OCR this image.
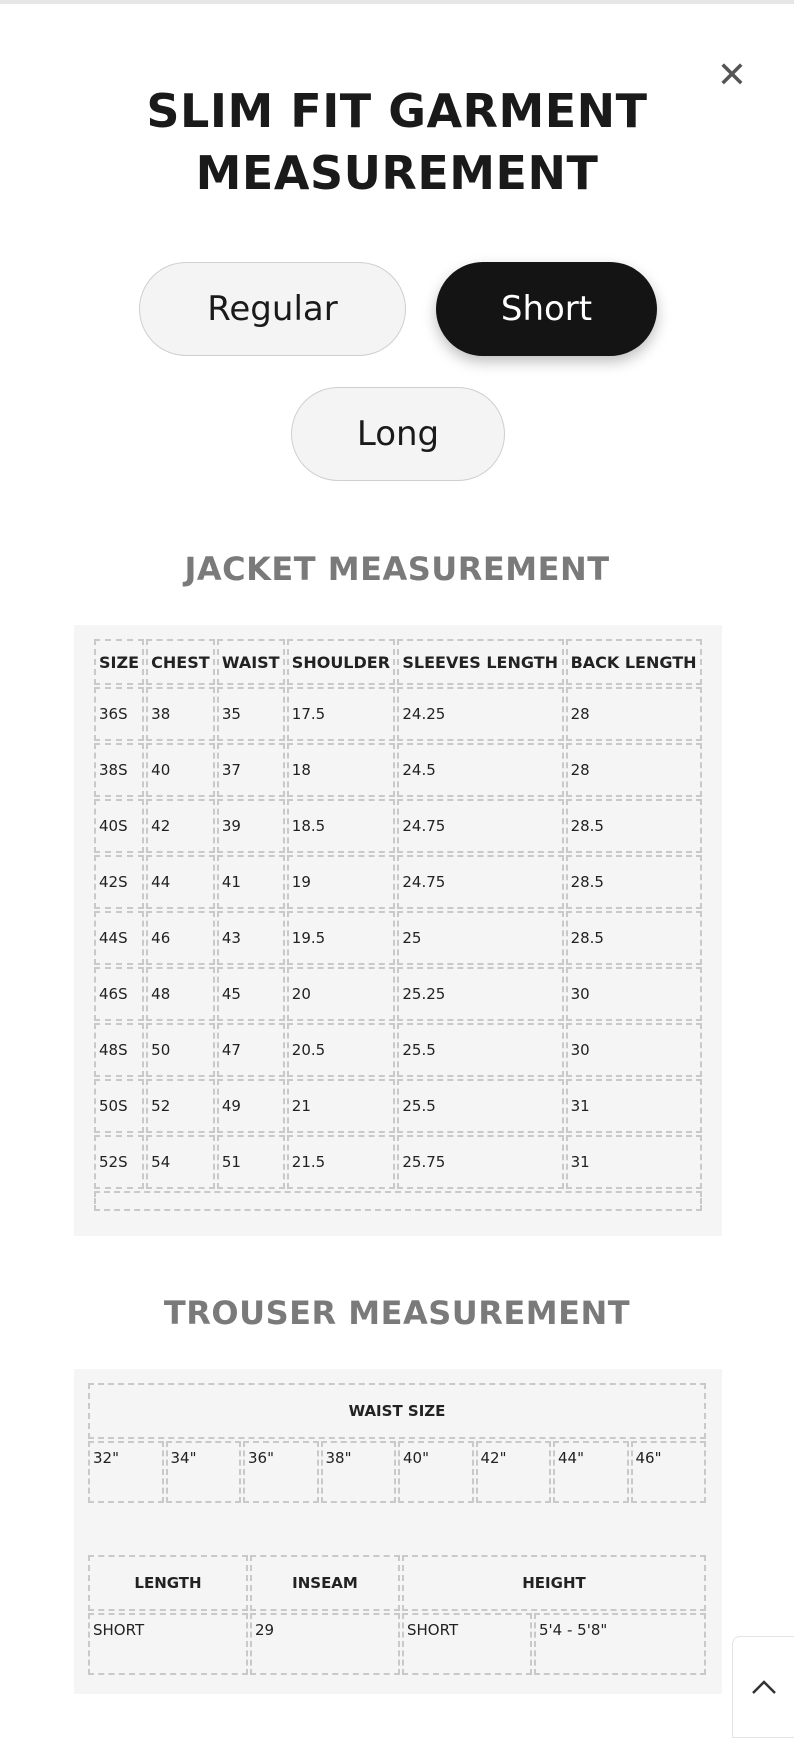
✕
SLIM FIT GARMENT
MEASUREMENT
Regular	Short
Long
JACKET MEASUREMENT
SIZE	CHEST	WAIST	SHOULDER	SLEEVES LENGTH	BACK LENGTH
36S	38	35	17.5	24.25	28
38S	40	37	18	24.5	28
40S	42	39	18.5	24.75	28.5
42S	44	41	19	24.75	28.5
44S	46	43	19.5	25	28.5
46S	48	45	20	25.25	30
48S	50	47	20.5	25.5	30
50S	52	49	21	25.5	31
52S	54	51	21.5	25.75	31

TROUSER MEASUREMENT
WAIST SIZE
32"	34"	36"	38"	40"	42"	44"	46"
LENGTH	INSEAM	HEIGHT	
SHORT	29	SHORT	5'4 - 5'8"
